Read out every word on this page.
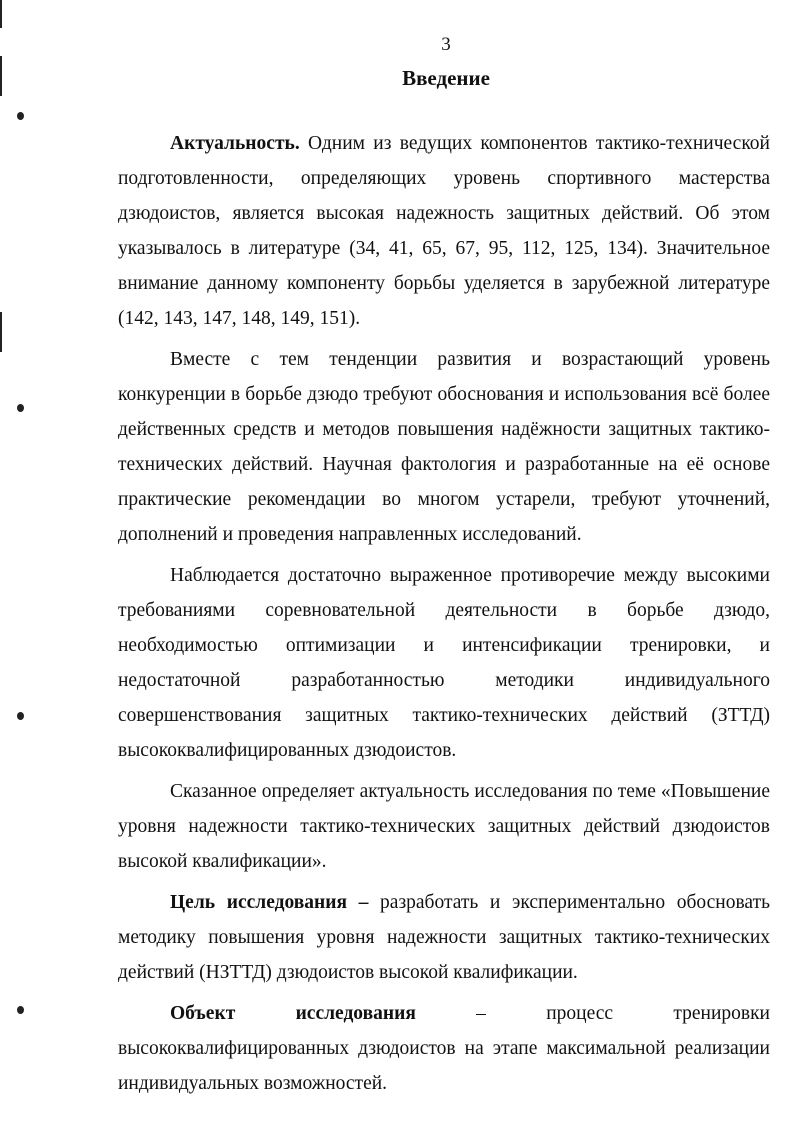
3
Введение

Актуальность. Одним из ведущих компонентов тактико-технической подготовленности, определяющих уровень спортивного мастерства дзюдоистов, является высокая надежность защитных действий. Об этом указывалось в литературе (34, 41, 65, 67, 95, 112, 125, 134). Значительное внимание данному компоненту борьбы уделяется в зарубежной литературе (142, 143, 147, 148, 149, 151).

Вместе с тем тенденции развития и возрастающий уровень конкуренции в борьбе дзюдо требуют обоснования и использования всё более действенных средств и методов повышения надёжности защитных тактико-технических действий. Научная фактология и разработанные на её основе практические рекомендации во многом устарели, требуют уточнений, дополнений и проведения направленных исследований.

Наблюдается достаточно выраженное противоречие между высокими требованиями соревновательной деятельности в борьбе дзюдо, необходимостью оптимизации и интенсификации тренировки, и недостаточной разработанностью методики индивидуального совершенствования защитных тактико-технических действий (ЗТТД) высококвалифицированных дзюдоистов.

Сказанное определяет актуальность исследования по теме «Повышение уровня надежности тактико-технических защитных действий дзюдоистов высокой квалификации».

Цель исследования – разработать и экспериментально обосновать методику повышения уровня надежности защитных тактико-технических действий (НЗТТД) дзюдоистов высокой квалификации.

Объект исследования – процесс тренировки высококвалифицированных дзюдоистов на этапе максимальной реализации индивидуальных возможностей.
